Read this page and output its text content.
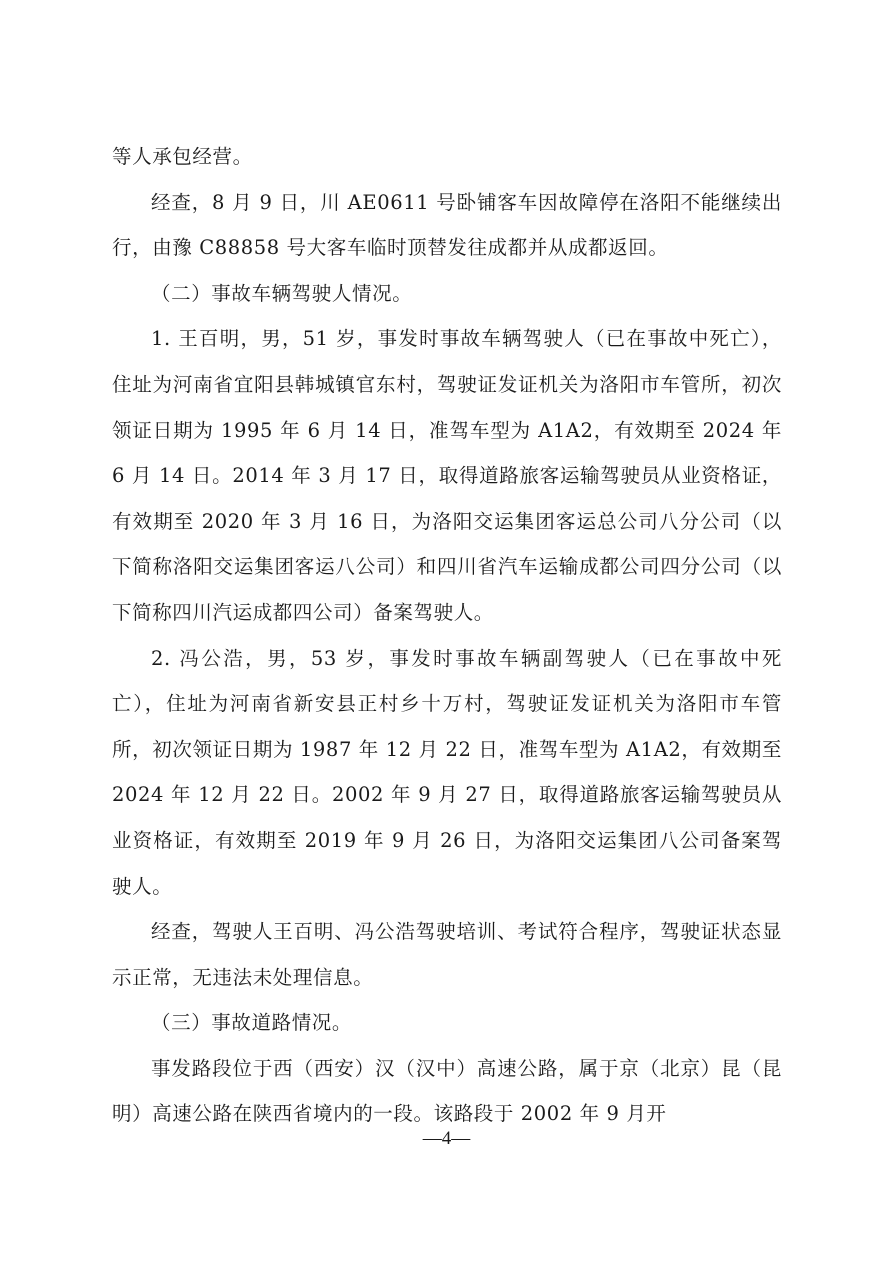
等人承包经营。

经查，8 月 9 日，川 AE0611 号卧铺客车因故障停在洛阳不能继续出行，由豫 C88858 号大客车临时顶替发往成都并从成都返回。

（二）事故车辆驾驶人情况。

1. 王百明，男，51 岁，事发时事故车辆驾驶人（已在事故中死亡），住址为河南省宜阳县韩城镇官东村，驾驶证发证机关为洛阳市车管所，初次领证日期为 1995 年 6 月 14 日，准驾车型为 A1A2，有效期至 2024 年 6 月 14 日。2014 年 3 月 17 日，取得道路旅客运输驾驶员从业资格证，有效期至 2020 年 3 月 16 日，为洛阳交运集团客运总公司八分公司（以下简称洛阳交运集团客运八公司）和四川省汽车运输成都公司四分公司（以下简称四川汽运成都四公司）备案驾驶人。

2. 冯公浩，男，53 岁，事发时事故车辆副驾驶人（已在事故中死亡），住址为河南省新安县正村乡十万村，驾驶证发证机关为洛阳市车管所，初次领证日期为 1987 年 12 月 22 日，准驾车型为 A1A2，有效期至 2024 年 12 月 22 日。2002 年 9 月 27 日，取得道路旅客运输驾驶员从业资格证，有效期至 2019 年 9 月 26 日，为洛阳交运集团八公司备案驾驶人。

经查，驾驶人王百明、冯公浩驾驶培训、考试符合程序，驾驶证状态显示正常，无违法未处理信息。

（三）事故道路情况。

事发路段位于西（西安）汉（汉中）高速公路，属于京（北京）昆（昆明）高速公路在陕西省境内的一段。该路段于 2002 年 9 月开

—4—
